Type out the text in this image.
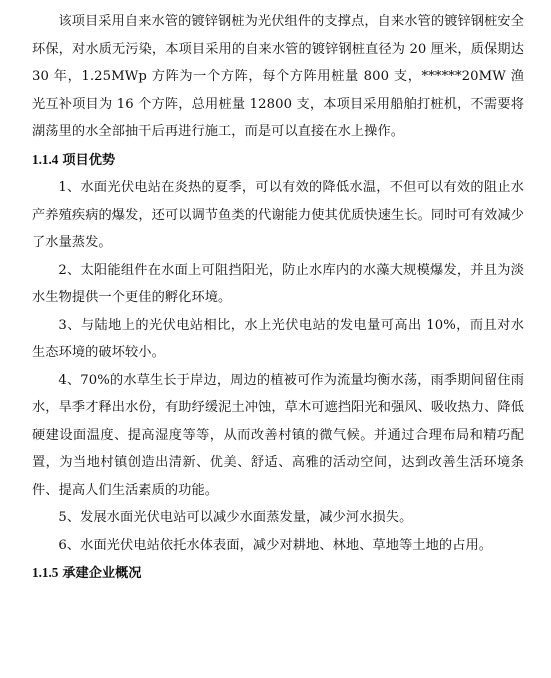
该项目采用自来水管的镀锌钢桩为光伏组件的支撑点，自来水管的镀锌钢桩安全环保，对水质无污染，本项目采用的自来水管的镀锌钢桩直径为 20 厘米，质保期达 30 年，1.25MWp 方阵为一个方阵，每个方阵用桩量 800 支，******20MW 渔光互补项目为 16 个方阵，总用桩量 12800 支，本项目采用船舶打桩机，不需要将湖荡里的水全部抽干后再进行施工，而是可以直接在水上操作。

1.1.4 项目优势

1、水面光伏电站在炎热的夏季，可以有效的降低水温，不但可以有效的阻止水产养殖疾病的爆发，还可以调节鱼类的代谢能力使其优质快速生长。同时可有效减少了水量蒸发。

2、太阳能组件在水面上可阻挡阳光，防止水库内的水藻大规模爆发，并且为淡水生物提供一个更佳的孵化环境。

3、与陆地上的光伏电站相比，水上光伏电站的发电量可高出 10%，而且对水生态环境的破坏较小。

4、70%的水草生长于岸边，周边的植被可作为流量均衡水荡，雨季期间留住雨水，旱季才释出水份，有助纾缓泥土冲蚀，草木可遮挡阳光和强风、吸收热力、降低硬建设面温度、提高湿度等等，从而改善村镇的微气候。并通过合理布局和精巧配置，为当地村镇创造出清新、优美、舒适、高雅的活动空间，达到改善生活环境条件、提高人们生活素质的功能。

5、发展水面光伏电站可以减少水面蒸发量，减少河水损失。

6、水面光伏电站依托水体表面，减少对耕地、林地、草地等土地的占用。

1.1.5 承建企业概况
